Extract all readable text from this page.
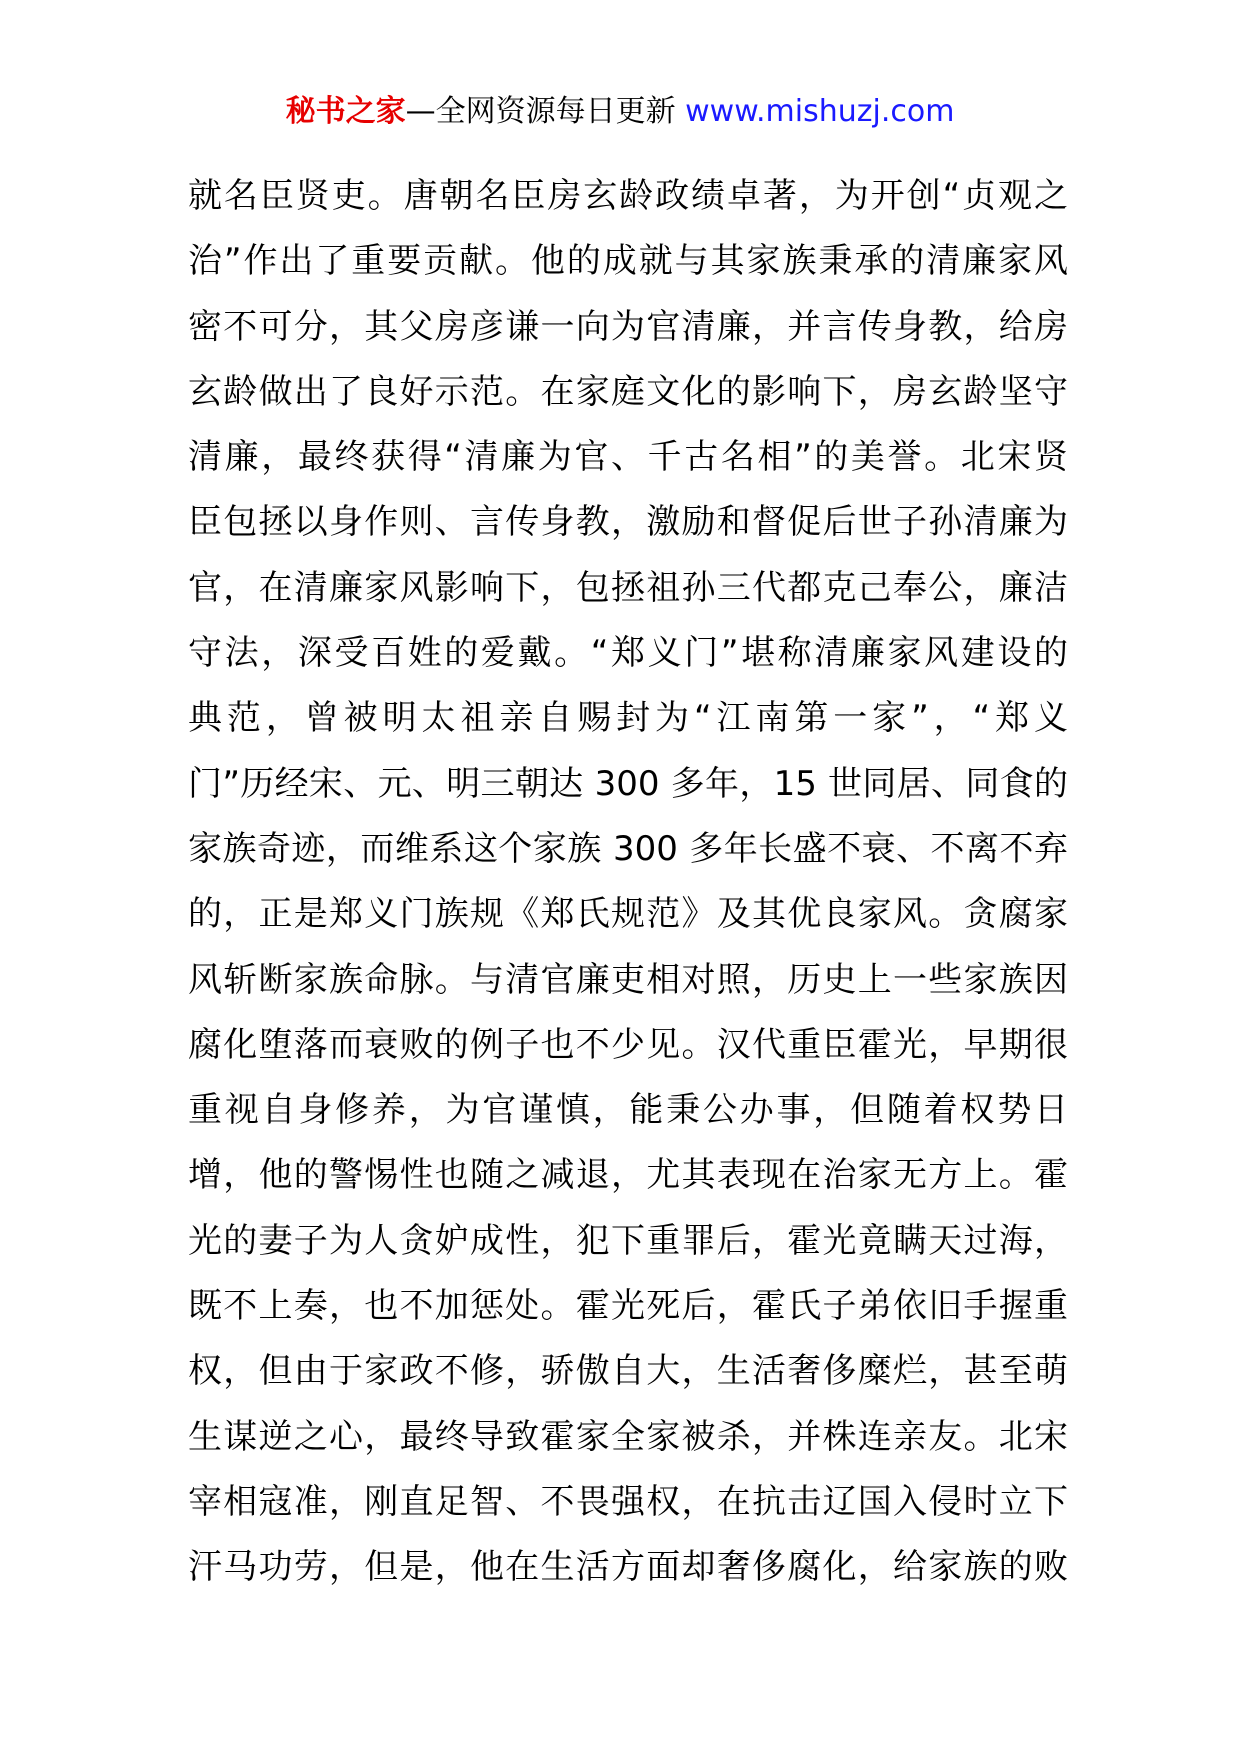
秘书之家—全网资源每日更新 www.mishuzj.com
就名臣贤吏。唐朝名臣房玄龄政绩卓著，为开创“贞观之
治”作出了重要贡献。他的成就与其家族秉承的清廉家风
密不可分，其父房彦谦一向为官清廉，并言传身教，给房
玄龄做出了良好示范。在家庭文化的影响下，房玄龄坚守
清廉，最终获得“清廉为官、千古名相”的美誉。北宋贤
臣包拯以身作则、言传身教，激励和督促后世子孙清廉为
官，在清廉家风影响下，包拯祖孙三代都克己奉公，廉洁
守法，深受百姓的爱戴。“郑义门”堪称清廉家风建设的
典范，曾被明太祖亲自赐封为“江南第一家”，“郑义
门”历经宋、元、明三朝达 300 多年，15 世同居、同食的
家族奇迹，而维系这个家族 300 多年长盛不衰、不离不弃
的，正是郑义门族规《郑氏规范》及其优良家风。贪腐家
风斩断家族命脉。与清官廉吏相对照，历史上一些家族因
腐化堕落而衰败的例子也不少见。汉代重臣霍光，早期很
重视自身修养，为官谨慎，能秉公办事，但随着权势日
增，他的警惕性也随之减退，尤其表现在治家无方上。霍
光的妻子为人贪妒成性，犯下重罪后，霍光竟瞒天过海，
既不上奏，也不加惩处。霍光死后，霍氏子弟依旧手握重
权，但由于家政不修，骄傲自大，生活奢侈糜烂，甚至萌
生谋逆之心，最终导致霍家全家被杀，并株连亲友。北宋
宰相寇准，刚直足智、不畏强权，在抗击辽国入侵时立下
汗马功劳，但是，他在生活方面却奢侈腐化，给家族的败
